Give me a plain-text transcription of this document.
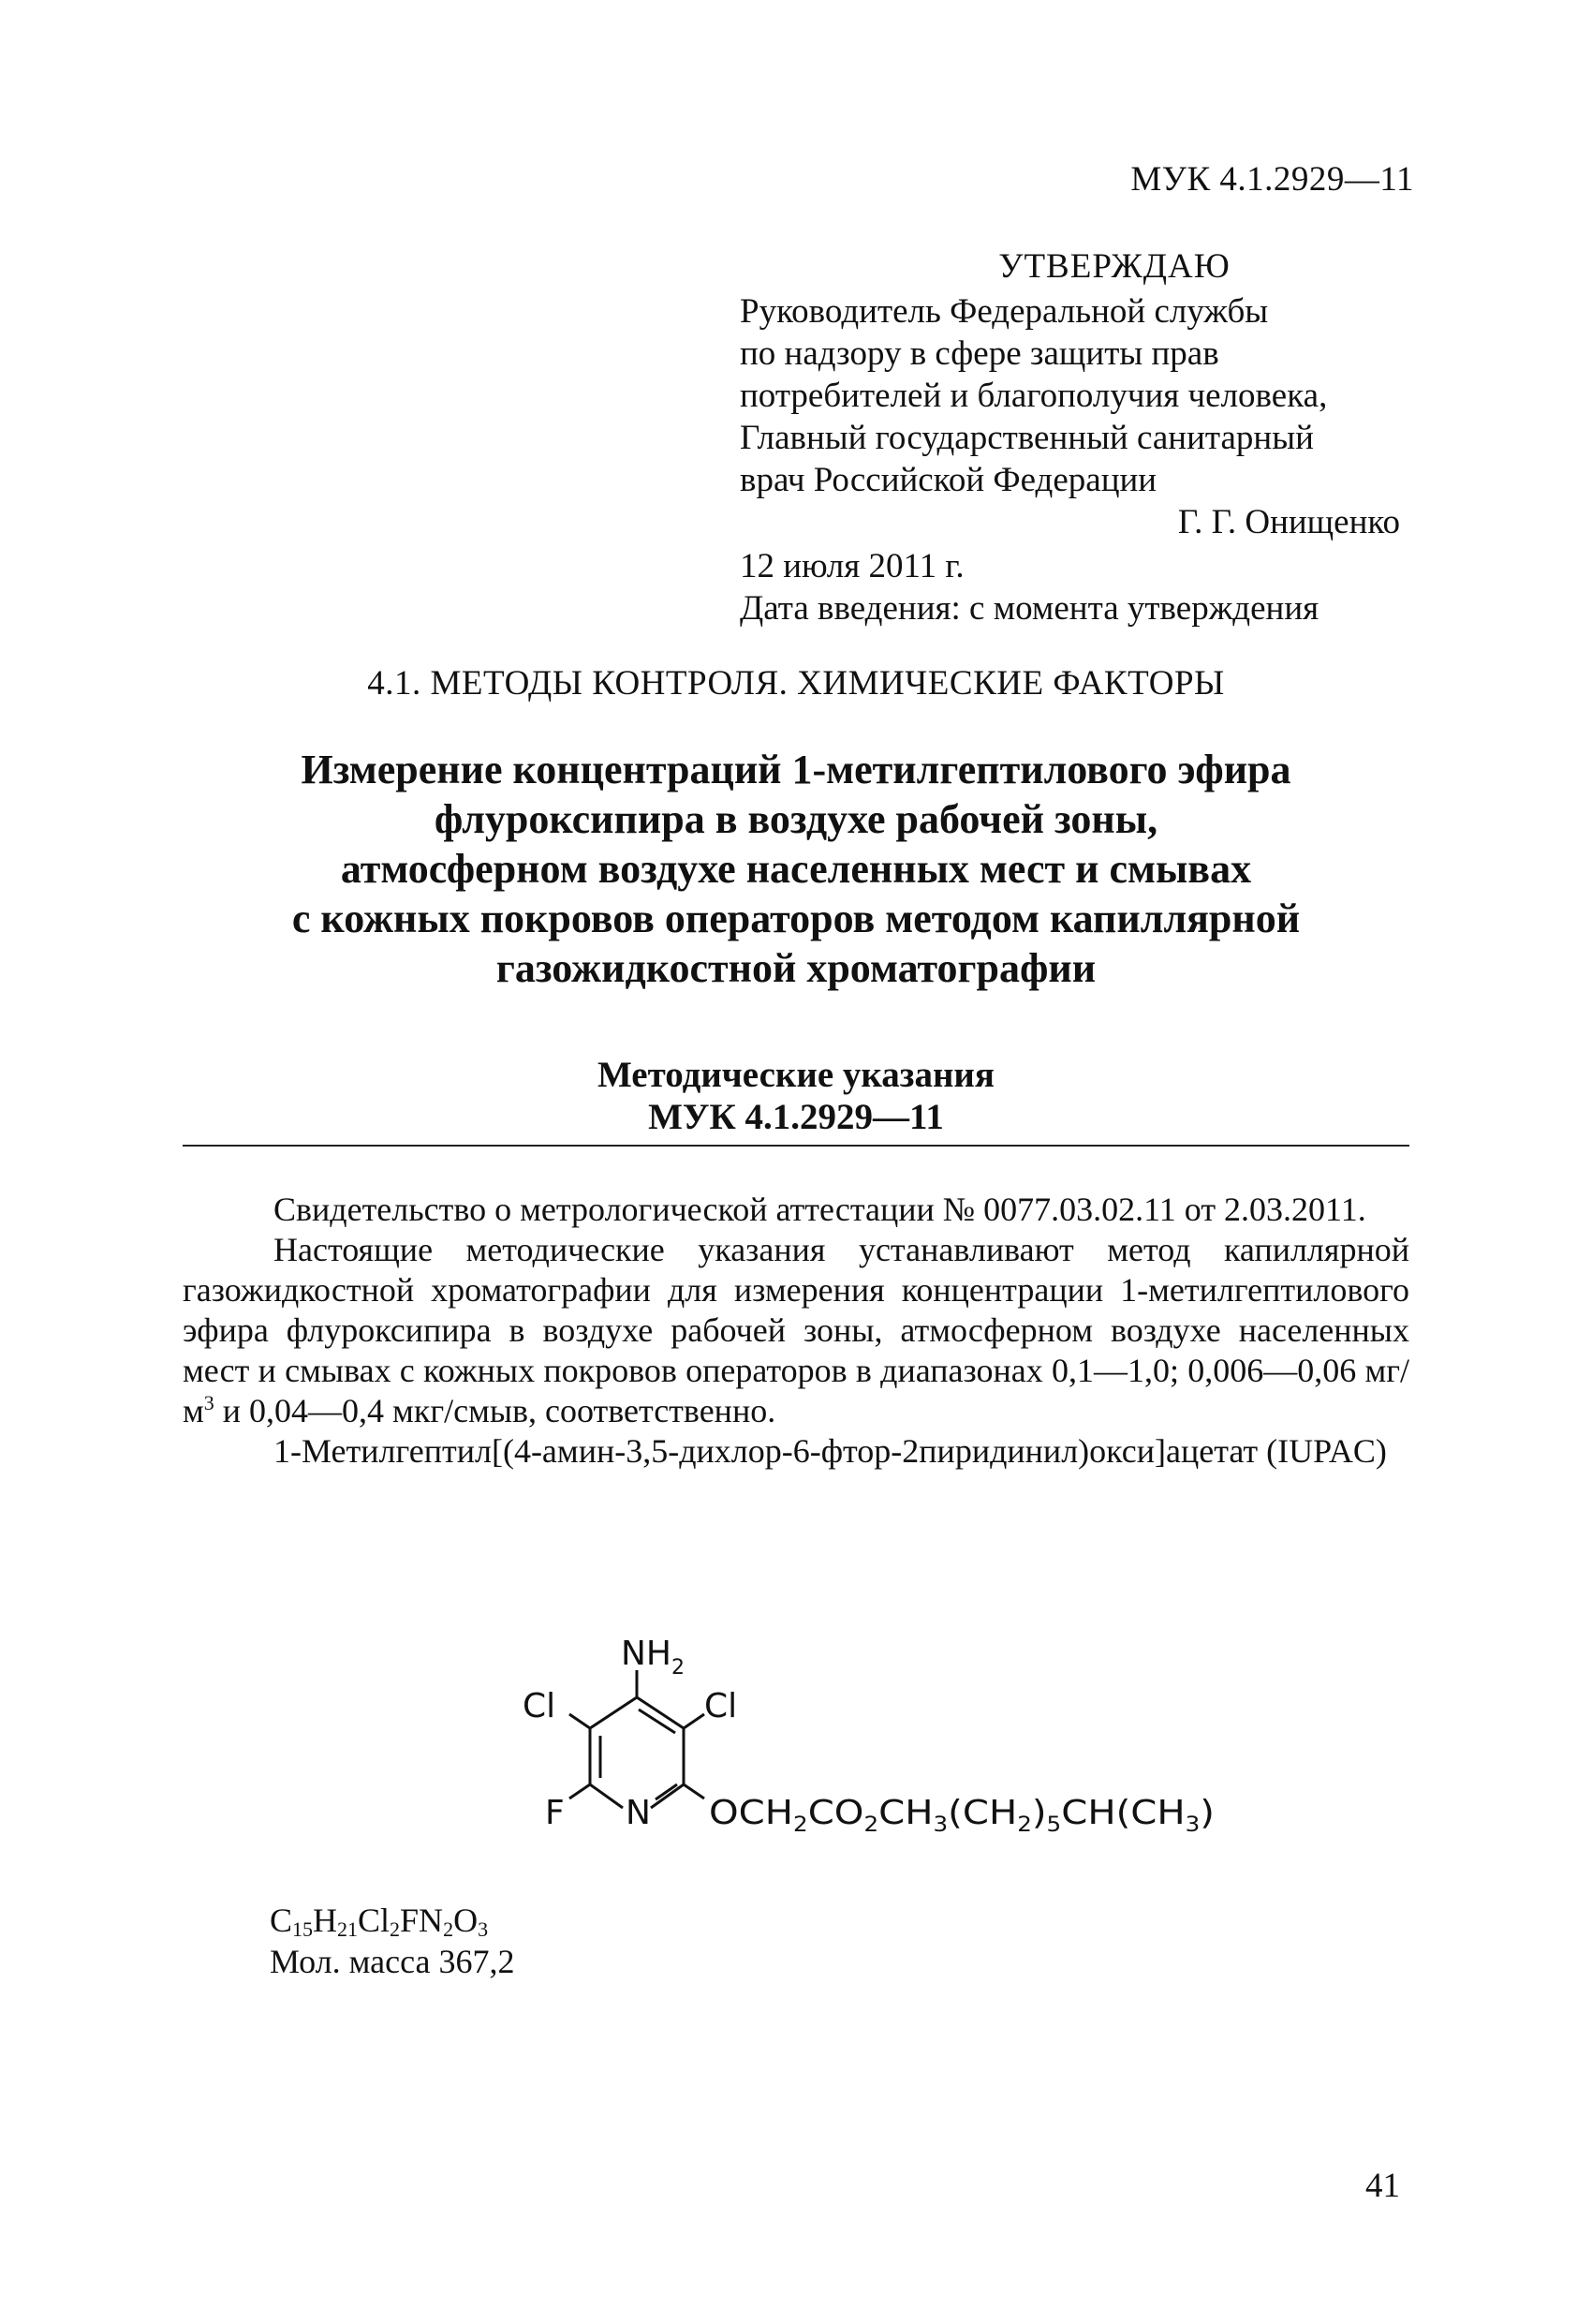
МУК 4.1.2929—11
УТВЕРЖДАЮ
Руководитель Федеральной службы
по надзору в сфере защиты прав
потребителей и благополучия человека,
Главный государственный санитарный
врач Российской Федерации
Г. Г. Онищенко
12 июля 2011 г.
Дата введения: с момента утверждения
4.1. МЕТОДЫ КОНТРОЛЯ. ХИМИЧЕСКИЕ ФАКТОРЫ
Измерение концентраций 1-метилгептилового эфира
флуроксипира в воздухе рабочей зоны,
атмосферном воздухе населенных мест и смывах
с кожных покровов операторов методом капиллярной
газожидкостной хроматографии
Методические указания
МУК 4.1.2929—11

Свидетельство о метрологической аттестации № 0077.03.02.11 от 2.03.2011.

Настоящие методические указания устанавливают метод капиллярной газожидкостной хроматографии для измерения концентрации 1-метилгептилового эфира флуроксипира в воздухе рабочей зоны, атмосферном воздухе населенных мест и смывах с кожных покровов операторов в диапазонах 0,1—1,0; 0,006—0,06 $мг/м^3$ и 0,04—0,4 мкг/смыв, соответственно.

1-Метилгептил[(4-амин-3,5-дихлор-6-фтор-2пиридинил)окси]ацетат (IUPAC)

$NH_2$
Cl	Cl
F N OCH $_2$CO $_2$CH $_3$(CH $_2)_5CH(CH$ $_3$)
$C_{15}H_{21}Cl_2FN_2O_3$
Мол. масса 367,2
41
